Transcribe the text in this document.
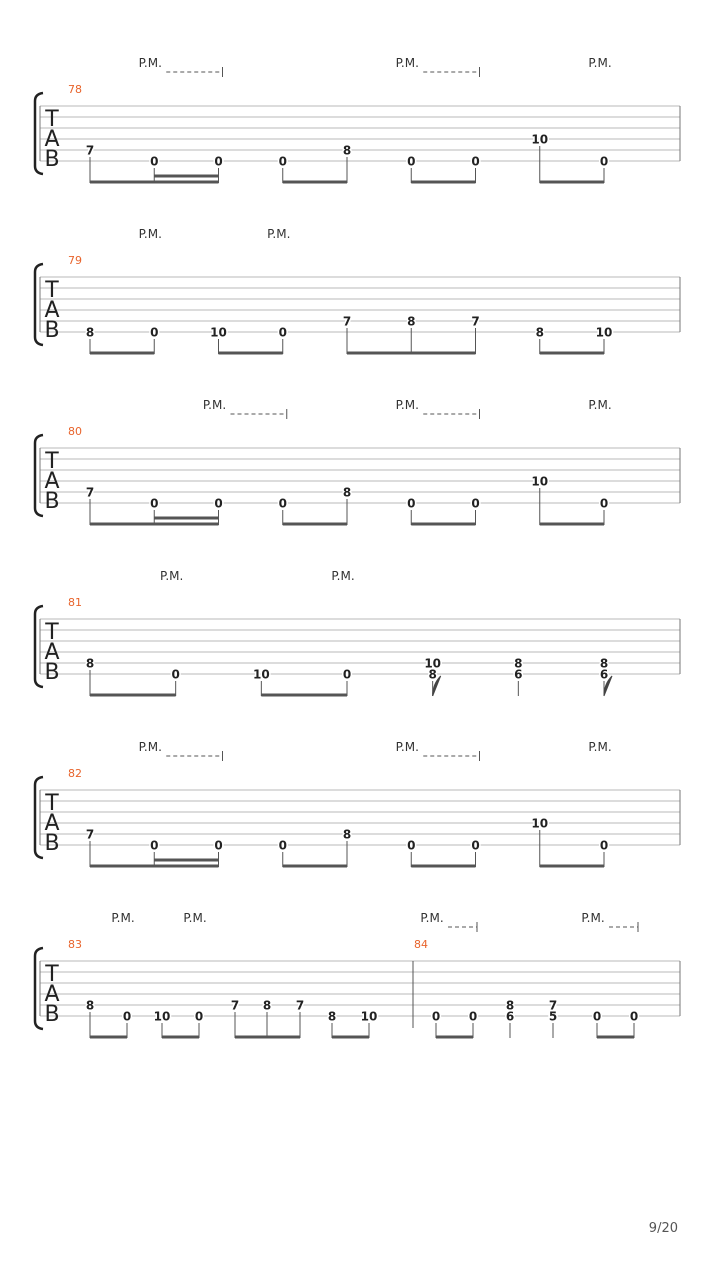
T
A
B
78
7
0	0	0
8
0	0
10
0
P.M.	P.M.	P.M.
T
A
B
79
8	0	10	0
7	8	7
8	10
P.M.	P.M.
T
A
B
80
7
0	0	0
8
0	0
10
0
P.M.	P.M.	P.M.
T
A
B
81
8
0	10	0
10
8
8
6
8
6
P.M.	P.M.
T
A
B
82
7
0	0	0
8
0	0
10
0
P.M.	P.M.	P.M.
T
A
B
83
8
0 10 0
7 8 7
8 10
84
0 0
8
6
7
5	0 0
P.M.	P.M.	P.M.	P.M.
9/20
